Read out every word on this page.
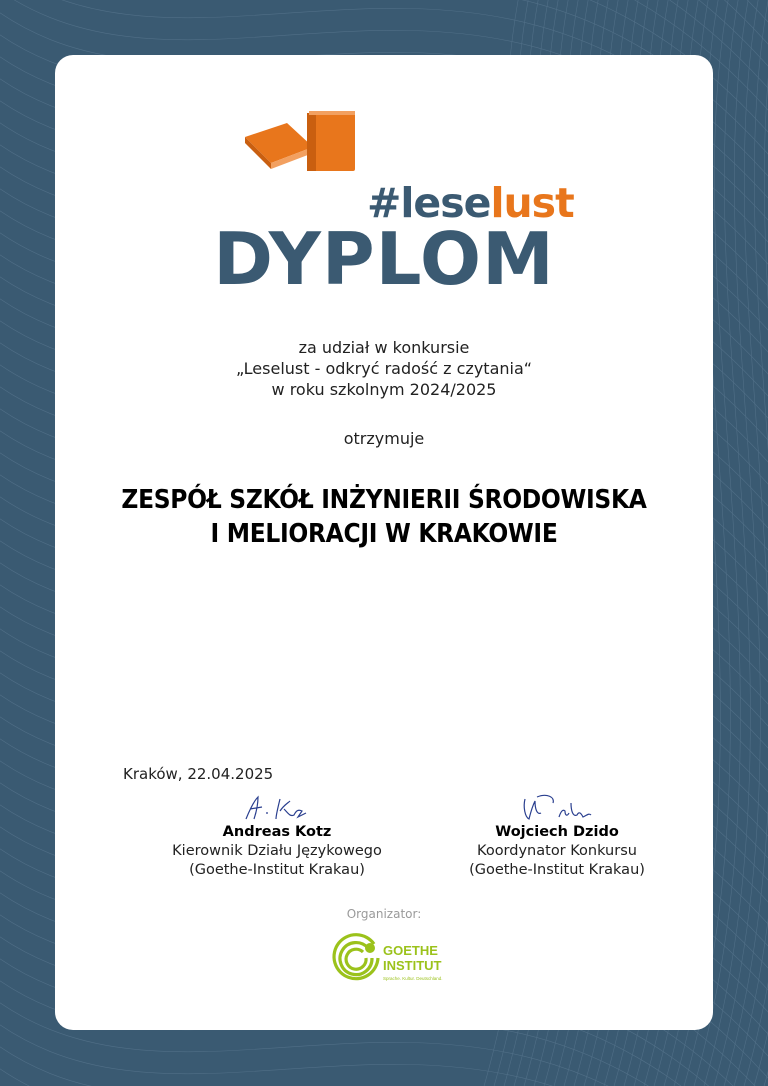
#leselust
DYPLOM
za udział w konkursie
„Leselust - odkryć radość z czytania“
w roku szkolnym 2024/2025
otrzymuje
ZESPÓŁ SZKÓŁ INŻYNIERII ŚRODOWISKA
I MELIORACJI W KRAKOWIE
Kraków, 22.04.2025
Andreas Kotz
Kierownik Działu Językowego
(Goethe-Institut Krakau)
Wojciech Dzido
Koordynator Konkursu
(Goethe-Institut Krakau)
Organizator:
GOETHE
INSTITUT
Sprache. Kultur. Deutschland.
